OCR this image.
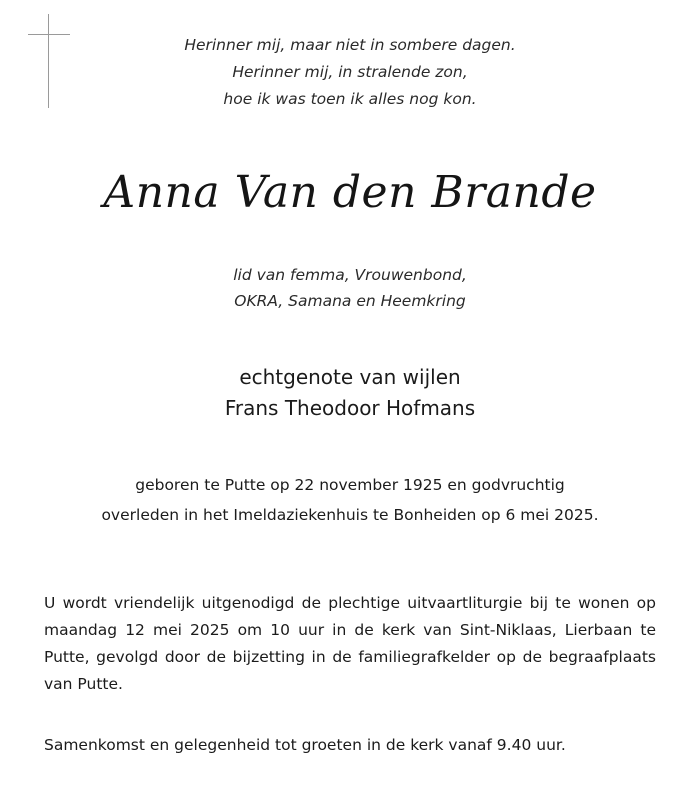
Herinner mij, maar niet in sombere dagen.
Herinner mij, in stralende zon,
hoe ik was toen ik alles nog kon.
Anna Van den Brande
lid van femma, Vrouwenbond,
OKRA, Samana en Heemkring
echtgenote van wijlen
Frans Theodoor Hofmans
geboren te Putte op 22 november 1925 en godvruchtig
overleden in het Imeldaziekenhuis te Bonheiden op 6 mei 2025.
U wordt vriendelijk uitgenodigd de plechtige uitvaartliturgie bij te wonen op maandag 12 mei 2025 om 10 uur in de kerk van Sint-Niklaas, Lierbaan te Putte, gevolgd door de bijzetting in de familiegrafkelder op de begraafplaats van Putte.
Samenkomst en gelegenheid tot groeten in de kerk vanaf 9.40 uur.
